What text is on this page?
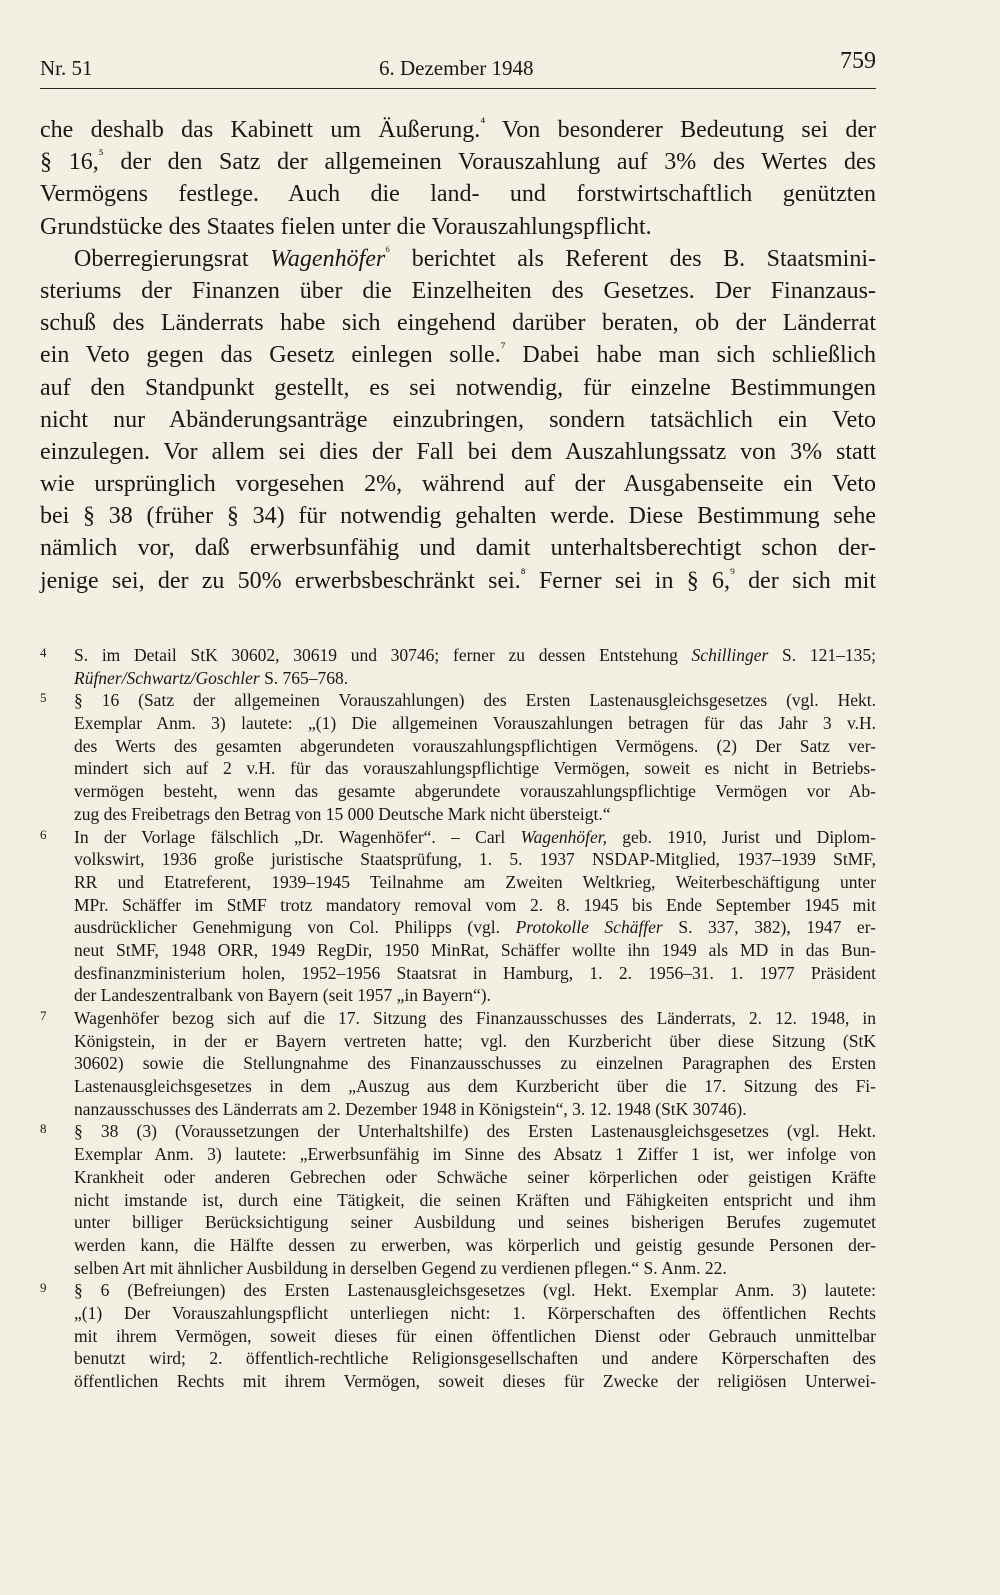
Nr. 51	6. Dezember 1948	759
che deshalb das Kabinett um Äußerung.$^{^4}$ Von besonderer Bedeutung sei der
§ 16,$^{^5}$ der den Satz der allgemeinen Vorauszahlung auf 3% des Wertes des
Vermögens festlege. Auch die land- und forstwirtschaftlich genützten
Grundstücke des Staates fielen unter die Vorauszahlungspflicht.
Oberregierungsrat Wagenhöfer$^{^6}$ berichtet als Referent des B. Staatsmini-
steriums der Finanzen über die Einzelheiten des Gesetzes. Der Finanzaus-
schuß des Länderrats habe sich eingehend darüber beraten, ob der Länderrat
ein Veto gegen das Gesetz einlegen solle.$^{^7}$ Dabei habe man sich schließlich
auf den Standpunkt gestellt, es sei notwendig, für einzelne Bestimmungen
nicht nur Abänderungsanträge einzubringen, sondern tatsächlich ein Veto
einzulegen. Vor allem sei dies der Fall bei dem Auszahlungssatz von 3% statt
wie ursprünglich vorgesehen 2%, während auf der Ausgabenseite ein Veto
bei § 38 (früher § 34) für notwendig gehalten werde. Diese Bestimmung sehe
nämlich vor, daß erwerbsunfähig und damit unterhaltsberechtigt schon der-
jenige sei, der zu 50% erwerbsbeschränkt sei.$^{^8}$ Ferner sei in § 6,$^{^9}$ der sich mit
4 S. im Detail StK 30602, 30619 und 30746; ferner zu dessen Entstehung Schillinger S. 121–135;
Rüfner/Schwartz/Goschler S. 765–768.
5 § 16 (Satz der allgemeinen Vorauszahlungen) des Ersten Lastenausgleichsgesetzes (vgl. Hekt.
Exemplar Anm. 3) lautete: „(1) Die allgemeinen Vorauszahlungen betragen für das Jahr 3 v.H.
des Werts des gesamten abgerundeten vorauszahlungspflichtigen Vermögens. (2) Der Satz ver-
mindert sich auf 2 v.H. für das vorauszahlungspflichtige Vermögen, soweit es nicht in Betriebs-
vermögen besteht, wenn das gesamte abgerundete vorauszahlungspflichtige Vermögen vor Ab-
zug des Freibetrags den Betrag von 15 000 Deutsche Mark nicht übersteigt.“
6 In der Vorlage fälschlich „Dr. Wagenhöfer“. – Carl Wagenhöfer, geb. 1910, Jurist und Diplom-
volkswirt, 1936 große juristische Staatsprüfung, 1. 5. 1937 NSDAP-Mitglied, 1937–1939 StMF,
RR und Etatreferent, 1939–1945 Teilnahme am Zweiten Weltkrieg, Weiterbeschäftigung unter
MPr. Schäffer im StMF trotz mandatory removal vom 2. 8. 1945 bis Ende September 1945 mit
ausdrücklicher Genehmigung von Col. Philipps (vgl. Protokolle Schäffer S. 337, 382), 1947 er-
neut StMF, 1948 ORR, 1949 RegDir, 1950 MinRat, Schäffer wollte ihn 1949 als MD in das Bun-
desfinanzministerium holen, 1952–1956 Staatsrat in Hamburg, 1. 2. 1956–31. 1. 1977 Präsident
der Landeszentralbank von Bayern (seit 1957 „in Bayern“).
7 Wagenhöfer bezog sich auf die 17. Sitzung des Finanzausschusses des Länderrats, 2. 12. 1948, in
Königstein, in der er Bayern vertreten hatte; vgl. den Kurzbericht über diese Sitzung (StK
30602) sowie die Stellungnahme des Finanzausschusses zu einzelnen Paragraphen des Ersten
Lastenausgleichsgesetzes in dem „Auszug aus dem Kurzbericht über die 17. Sitzung des Fi-
nanzausschusses des Länderrats am 2. Dezember 1948 in Königstein“, 3. 12. 1948 (StK 30746).
8 § 38 (3) (Voraussetzungen der Unterhaltshilfe) des Ersten Lastenausgleichsgesetzes (vgl. Hekt.
Exemplar Anm. 3) lautete: „Erwerbsunfähig im Sinne des Absatz 1 Ziffer 1 ist, wer infolge von
Krankheit oder anderen Gebrechen oder Schwäche seiner körperlichen oder geistigen Kräfte
nicht imstande ist, durch eine Tätigkeit, die seinen Kräften und Fähigkeiten entspricht und ihm
unter billiger Berücksichtigung seiner Ausbildung und seines bisherigen Berufes zugemutet
werden kann, die Hälfte dessen zu erwerben, was körperlich und geistig gesunde Personen der-
selben Art mit ähnlicher Ausbildung in derselben Gegend zu verdienen pflegen.“ S. Anm. 22.
9 § 6 (Befreiungen) des Ersten Lastenausgleichsgesetzes (vgl. Hekt. Exemplar Anm. 3) lautete:
„(1) Der Vorauszahlungspflicht unterliegen nicht: 1. Körperschaften des öffentlichen Rechts
mit ihrem Vermögen, soweit dieses für einen öffentlichen Dienst oder Gebrauch unmittelbar
benutzt wird; 2. öffentlich-rechtliche Religionsgesellschaften und andere Körperschaften des
öffentlichen Rechts mit ihrem Vermögen, soweit dieses für Zwecke der religiösen Unterwei-
